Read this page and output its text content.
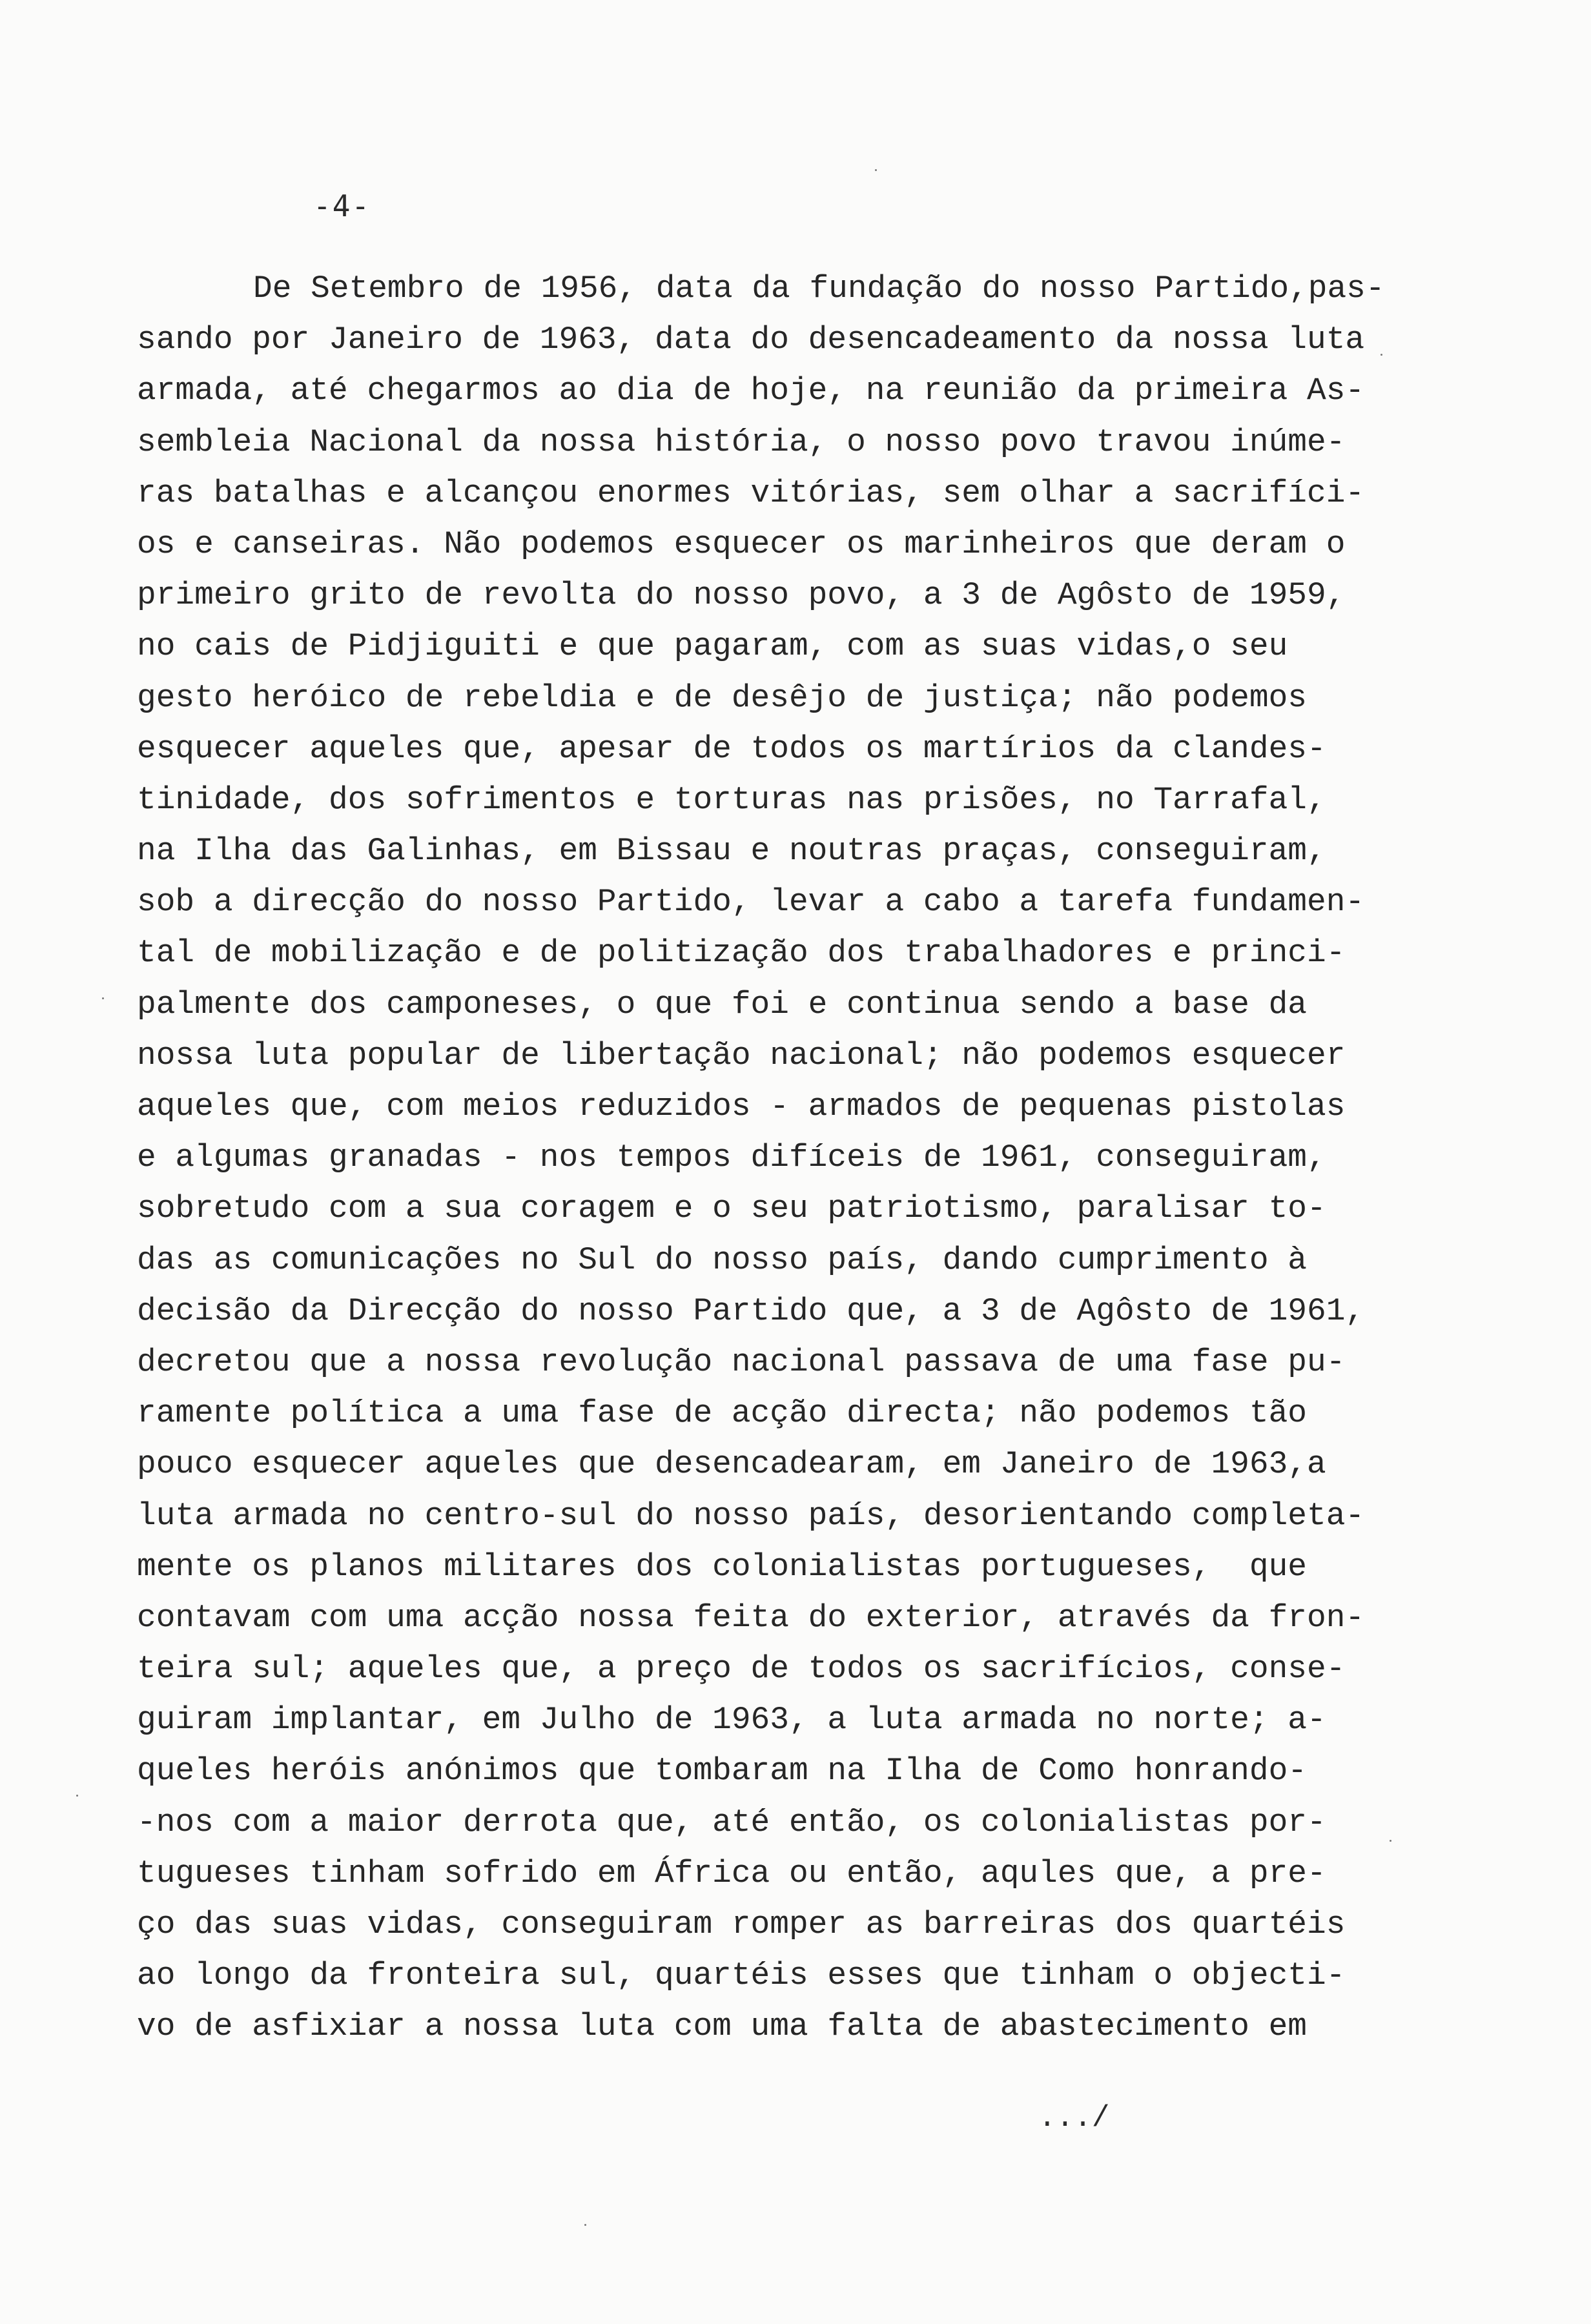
-4-
De Setembro de 1956, data da fundação do nosso Partido,pas-
sando por Janeiro de 1963, data do desencadeamento da nossa luta
armada, até chegarmos ao dia de hoje, na reunião da primeira As-
sembleia Nacional da nossa história, o nosso povo travou inúme-
ras batalhas e alcançou enormes vitórias, sem olhar a sacrifíci-
os e canseiras. Não podemos esquecer os marinheiros que deram o
primeiro grito de revolta do nosso povo, a 3 de Agôsto de 1959,
no cais de Pidjiguiti e que pagaram, com as suas vidas,o seu
gesto heróico de rebeldia e de desêjo de justiça; não podemos
esquecer aqueles que, apesar de todos os martírios da clandes-
tinidade, dos sofrimentos e torturas nas prisões, no Tarrafal,
na Ilha das Galinhas, em Bissau e noutras praças, conseguiram,
sob a direcção do nosso Partido, levar a cabo a tarefa fundamen-
tal de mobilização e de politização dos trabalhadores e princi-
palmente dos camponeses, o que foi e continua sendo a base da
nossa luta popular de libertação nacional; não podemos esquecer
aqueles que, com meios reduzidos - armados de pequenas pistolas
e algumas granadas - nos tempos difíceis de 1961, conseguiram,
sobretudo com a sua coragem e o seu patriotismo, paralisar to-
das as comunicações no Sul do nosso país, dando cumprimento à
decisão da Direcção do nosso Partido que, a 3 de Agôsto de 1961,
decretou que a nossa revolução nacional passava de uma fase pu-
ramente política a uma fase de acção directa; não podemos tão
pouco esquecer aqueles que desencadearam, em Janeiro de 1963,a
luta armada no centro-sul do nosso país, desorientando completa-
mente os planos militares dos colonialistas portugueses,  que
contavam com uma acção nossa feita do exterior, através da fron-
teira sul; aqueles que, a preço de todos os sacrifícios, conse-
guiram implantar, em Julho de 1963, a luta armada no norte; a-
queles heróis anónimos que tombaram na Ilha de Como honrando-
-nos com a maior derrota que, até então, os colonialistas por-
tugueses tinham sofrido em África ou então, aqules que, a pre-
ço das suas vidas, conseguiram romper as barreiras dos quartéis
ao longo da fronteira sul, quartéis esses que tinham o objecti-
vo de asfixiar a nossa luta com uma falta de abastecimento em
.../
